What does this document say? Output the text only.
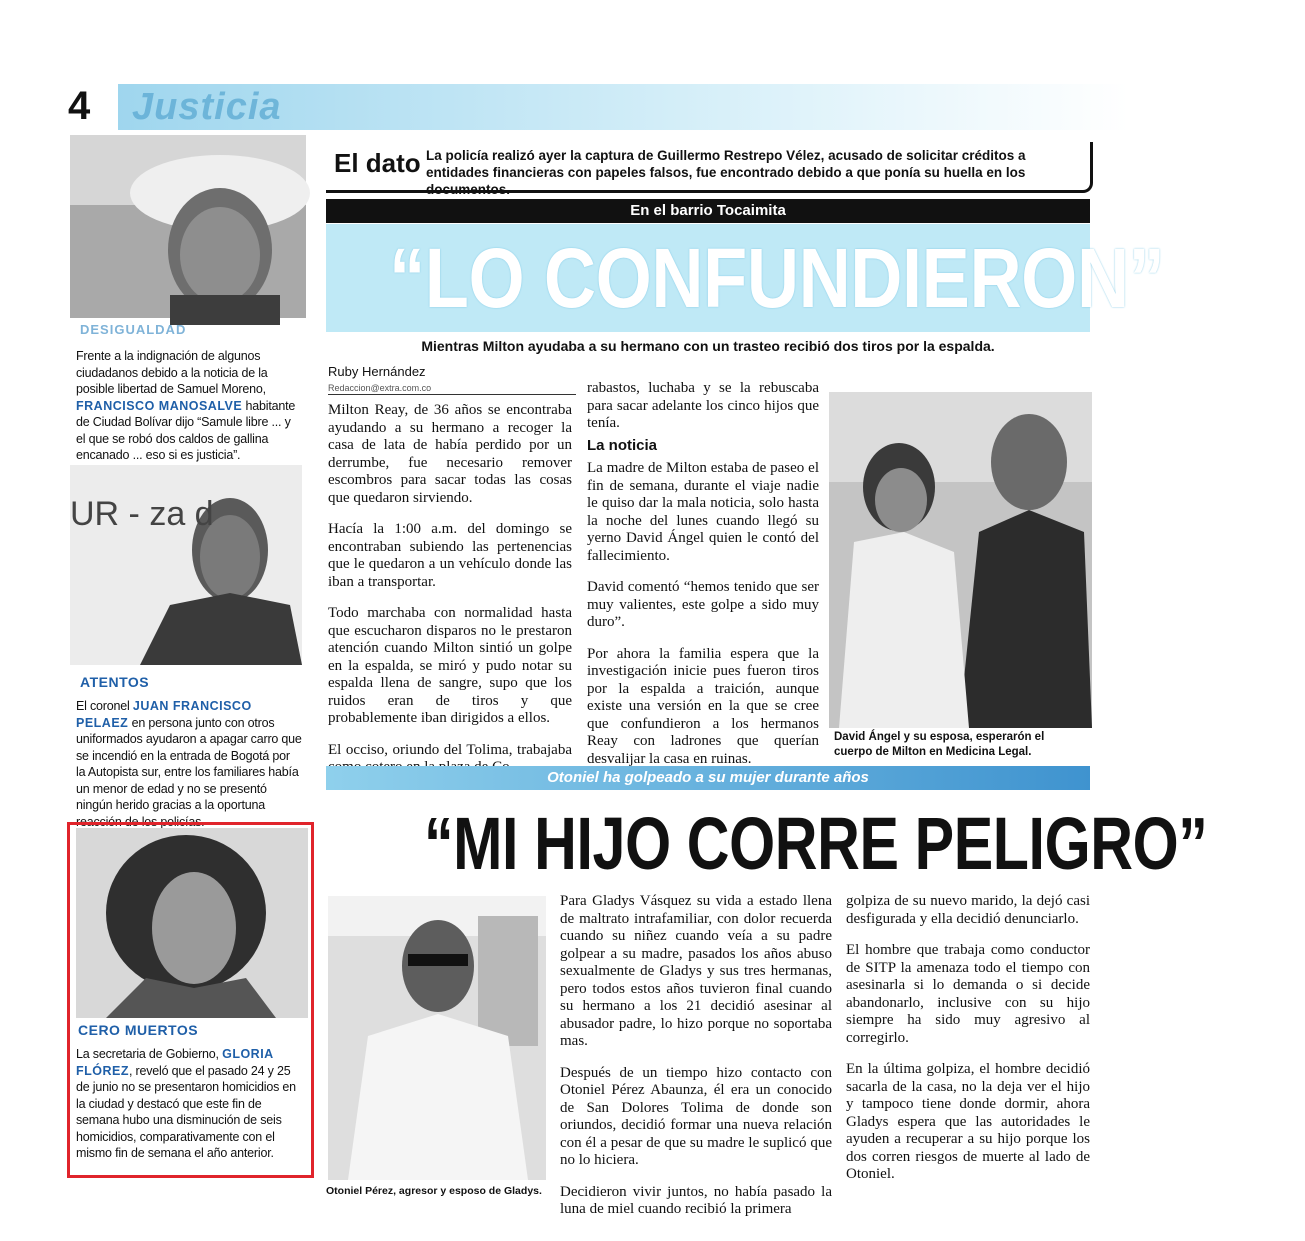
4 Justicia
El dato La policía realizó ayer la captura de Guillermo Restrepo Vélez, acusado de solicitar créditos a entidades financieras con papeles falsos, fue encontrado debido a que ponía su huella en los documentos.
DESIGUALDAD
Frente a la indignación de algunos ciudadanos debido a la noticia de la posible libertad de Samuel Moreno, FRANCISCO MANOSALVE habitante de Ciudad Bolívar dijo “Samule libre ... y el que se robó dos caldos de gallina encanado ... eso si es justicia”.
UR - za d
ATENTOS
El coronel JUAN FRANCISCO PELAEZ en persona junto con otros uniformados ayudaron a apagar carro que se incendió en la entrada de Bogotá por la Autopista sur, entre los familiares había un menor de edad y no se presentó ningún herido gracias a la oportuna reacción de los policías.
CERO MUERTOS
La secretaria de Gobierno, GLORIA FLÓREZ, reveló que el pasado 24 y 25 de junio no se presentaron homicidios en la ciudad y destacó que este fin de semana hubo una disminución de seis homicidios, comparativamente con el mismo fin de semana el año anterior.
En el barrio Tocaimita
“LO CONFUNDIERON”
Mientras Milton ayudaba a su hermano con un trasteo recibió dos tiros por la espalda.
Ruby Hernández
Redaccion@extra.com.co

Milton Reay, de 36 años se encontraba ayudando a su hermano a recoger la casa de lata de había perdido por un derrumbe, fue necesario remover escombros para sacar todas las cosas que quedaron sirviendo.

Hacía la 1:00 a.m. del domingo se encontraban subiendo las pertenencias que le quedaron a un vehículo donde las iban a transportar.

Todo marchaba con normalidad hasta que escucharon disparos no le prestaron atención cuando Milton sintió un golpe en la espalda, se miró y pudo notar su espalda llena de sangre, supo que los ruidos eran de tiros y que probablemente iban dirigidos a ellos.

El occiso, oriundo del Tolima, trabajaba

rabastos, luchaba y se la rebuscaba para sacar adelante los cinco hijos que tenía.

La noticia

La madre de Milton estaba de paseo el fin de semana, durante el viaje nadie le quiso dar la mala noticia, solo hasta la noche del lunes cuando llegó su yerno David Ángel quien le contó del fallecimiento.

David comentó “hemos tenido que ser muy valientes, este golpe a sido muy duro”.

Por ahora la familia espera que la investigación inicie pues fueron tiros por la espalda a traición, aunque existe una versión en la que se cree que confundieron a los hermanos Reay con ladrones que querían desvalijar la casa en ruinas.

David Ángel y su esposa, esperarón el cuerpo de Milton en Medicina Legal.
Otoniel ha golpeado a su mujer durante años
“MI HIJO CORRE PELIGRO”
Otoniel Pérez, agresor y esposo de Gladys.

Para Gladys Vásquez su vida a estado llena de maltrato intrafamiliar, con dolor recuerda cuando su niñez cuando veía a su padre golpear a su madre, pasados los años abuso sexualmente de Gladys y sus tres hermanas, pero todos estos años tuvieron final cuando su hermano a los 21 decidió asesinar al abusador padre, lo hizo porque no soportaba mas.

Después de un tiempo hizo contacto con Otoniel Pérez Abaunza, él era un conocido de San Dolores Tolima de donde son oriundos, decidió formar una nueva relación con él a pesar de que su madre le suplicó que no lo hiciera.

Decidieron vivir juntos, no había pasado la luna de miel cuando recibió la primera

golpiza de su nuevo marido, la dejó casi desfigurada y ella decidió denunciarlo.

El hombre que trabaja como conductor de SITP la amenaza todo el tiempo con asesinarla si lo demanda o si decide abandonarlo, inclusive con su hijo siempre ha sido muy agresivo al corregirlo.

En la última golpiza, el hombre decidió sacarla de la casa, no la deja ver el hijo y tampoco tiene donde dormir, ahora Gladys espera que las autoridades le ayuden a recuperar a su hijo porque los dos corren riesgos de muerte al lado de Otoniel.
